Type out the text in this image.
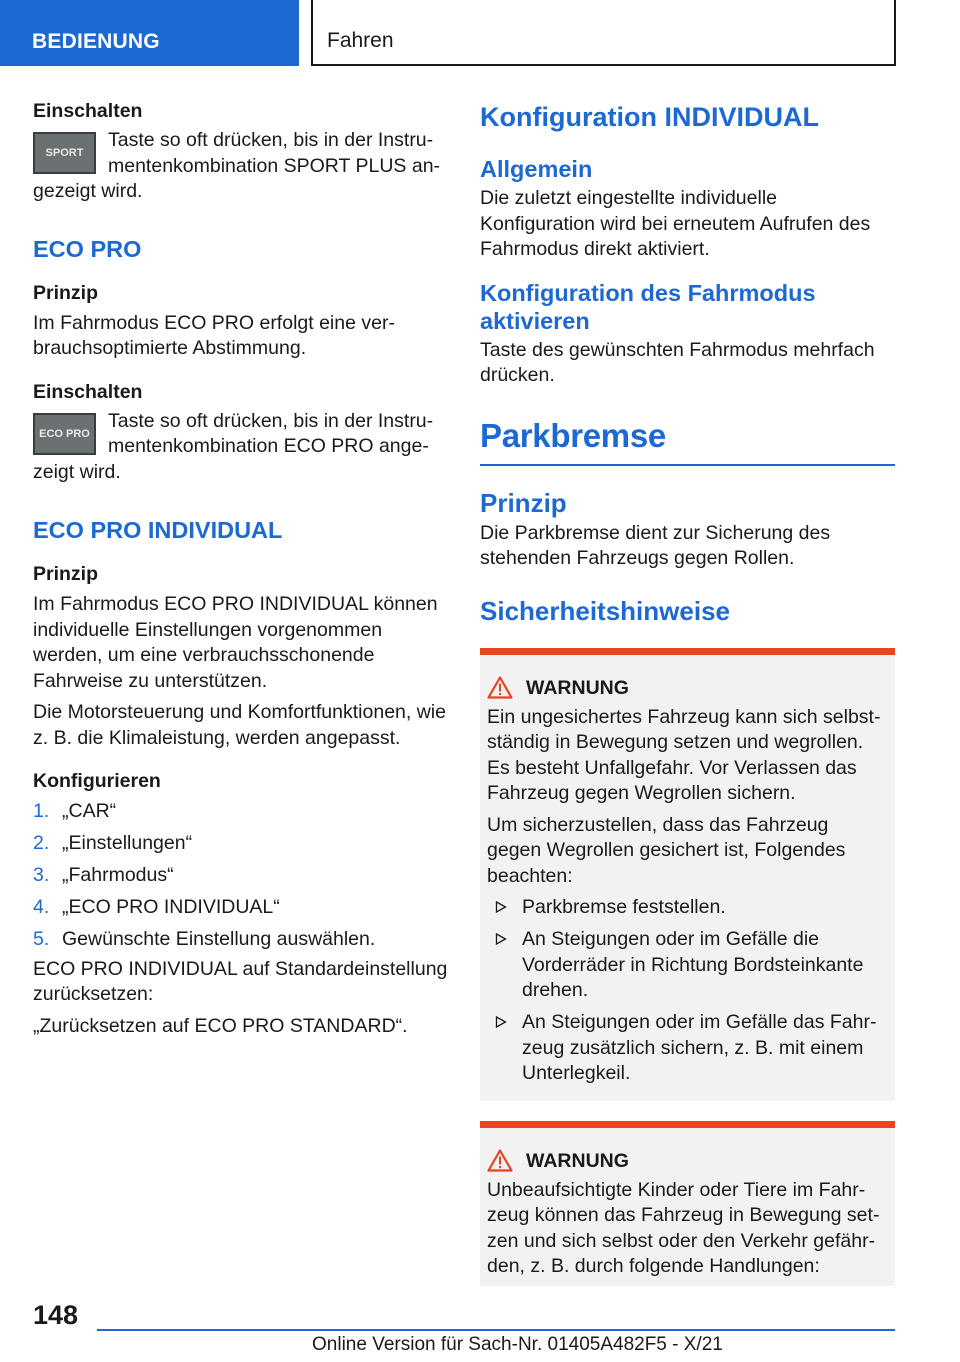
BEDIENUNG	Fahren
Einschalten
SPORT
Taste so oft drücken, bis in der Instrumentenkombination SPORT PLUS angezeigt wird.
ECO PRO
Prinzip
Im Fahrmodus ECO PRO erfolgt eine verbrauchsoptimierte Abstimmung.
Einschalten
ECO PRO
Taste so oft drücken, bis in der Instrumentenkombination ECO PRO angezeigt wird.
ECO PRO INDIVIDUAL
Prinzip
Im Fahrmodus ECO PRO INDIVIDUAL können individuelle Einstellungen vorgenommen werden, um eine verbrauchsschonende Fahrweise zu unterstützen.
Die Motorsteuerung und Komfortfunktionen, wie z. B. die Klimaleistung, werden angepasst.
Konfigurieren
1. „CAR“
2. „Einstellungen“
3. „Fahrmodus“
4. „ECO PRO INDIVIDUAL“
5. Gewünschte Einstellung auswählen.
ECO PRO INDIVIDUAL auf Standardeinstellung zurücksetzen:
„Zurücksetzen auf ECO PRO STANDARD“.
Konfiguration INDIVIDUAL
Allgemein
Die zuletzt eingestellte individuelle Konfiguration wird bei erneutem Aufrufen des Fahrmodus direkt aktiviert.
Konfiguration des Fahrmodus aktivieren
Taste des gewünschten Fahrmodus mehrfach drücken.
Parkbremse
Prinzip
Die Parkbremse dient zur Sicherung des stehenden Fahrzeugs gegen Rollen.
Sicherheitshinweise
WARNUNG
Ein ungesichertes Fahrzeug kann sich selbstständig in Bewegung setzen und wegrollen. Es besteht Unfallgefahr. Vor Verlassen das Fahrzeug gegen Wegrollen sichern.
Um sicherzustellen, dass das Fahrzeug gegen Wegrollen gesichert ist, Folgendes beachten:
Parkbremse feststellen.
An Steigungen oder im Gefälle die Vorderräder in Richtung Bordsteinkante drehen.
An Steigungen oder im Gefälle das Fahrzeug zusätzlich sichern, z. B. mit einem Unterlegkeil.
WARNUNG
Unbeaufsichtigte Kinder oder Tiere im Fahrzeug können das Fahrzeug in Bewegung setzen und sich selbst oder den Verkehr gefährden, z. B. durch folgende Handlungen:
148
Online Version für Sach-Nr. 01405A482F5 - X/21
